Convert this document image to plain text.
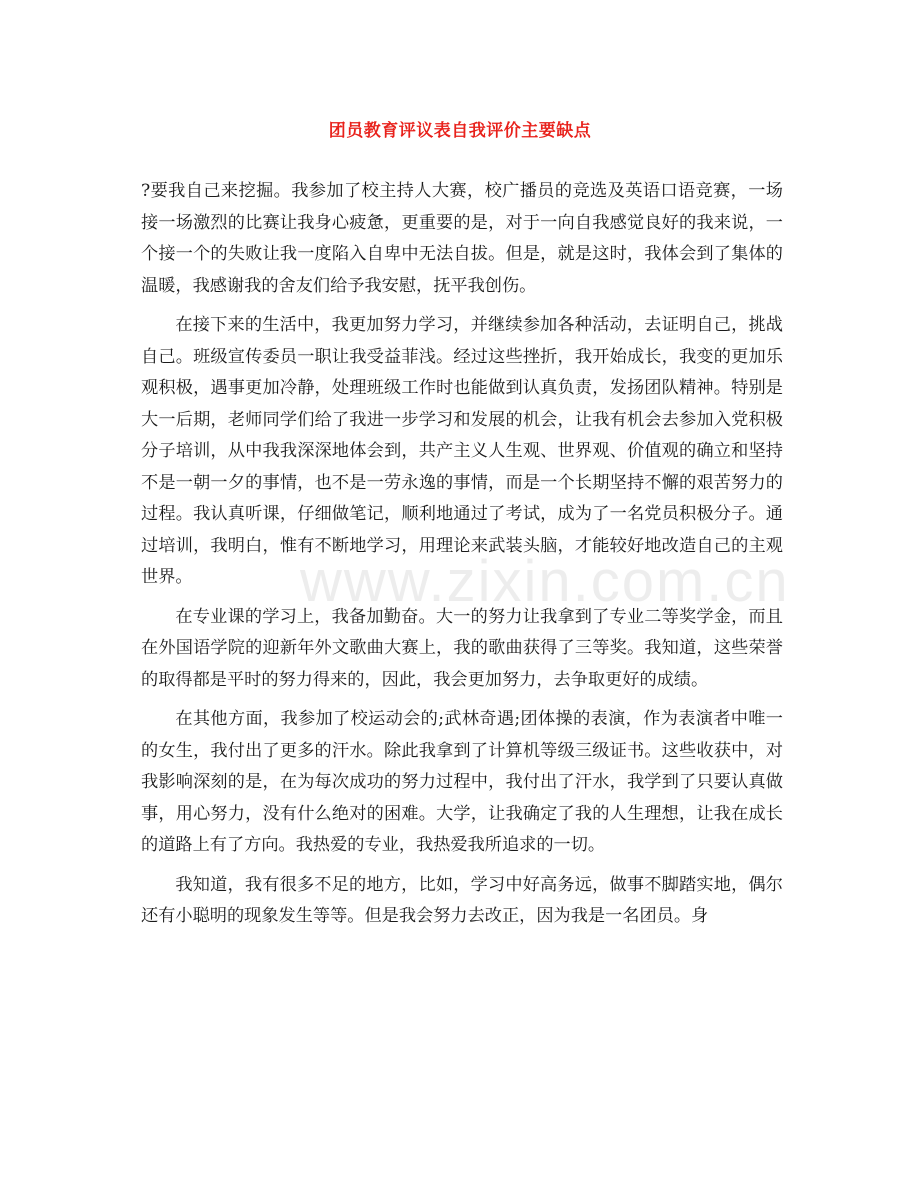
团员教育评议表自我评价主要缺点
www.zixin.com.cn

?要我自己来挖掘。我参加了校主持人大赛，校广播员的竞选及英语口语竞赛，一场接一场激烈的比赛让我身心疲惫，更重要的是，对于一向自我感觉良好的我来说，一个接一个的失败让我一度陷入自卑中无法自拔。但是，就是这时，我体会到了集体的温暖，我感谢我的舍友们给予我安慰，抚平我创伤。

在接下来的生活中，我更加努力学习，并继续参加各种活动，去证明自己，挑战自己。班级宣传委员一职让我受益菲浅。经过这些挫折，我开始成长，我变的更加乐观积极，遇事更加冷静，处理班级工作时也能做到认真负责，发扬团队精神。特别是大一后期，老师同学们给了我进一步学习和发展的机会，让我有机会去参加入党积极分子培训，从中我我深深地体会到，共产主义人生观、世界观、价值观的确立和坚持不是一朝一夕的事情，也不是一劳永逸的事情，而是一个长期坚持不懈的艰苦努力的过程。我认真听课，仔细做笔记，顺利地通过了考试，成为了一名党员积极分子。通过培训，我明白，惟有不断地学习，用理论来武装头脑，才能较好地改造自己的主观世界。

在专业课的学习上，我备加勤奋。大一的努力让我拿到了专业二等奖学金，而且在外国语学院的迎新年外文歌曲大赛上，我的歌曲获得了三等奖。我知道，这些荣誉的取得都是平时的努力得来的，因此，我会更加努力，去争取更好的成绩。

在其他方面，我参加了校运动会的;武林奇遇;团体操的表演，作为表演者中唯一的女生，我付出了更多的汗水。除此我拿到了计算机等级三级证书。这些收获中，对我影响深刻的是，在为每次成功的努力过程中，我付出了汗水，我学到了只要认真做事，用心努力，没有什么绝对的困难。大学，让我确定了我的人生理想，让我在成长的道路上有了方向。我热爱的专业，我热爱我所追求的一切。

我知道，我有很多不足的地方，比如，学习中好高务远，做事不脚踏实地，偶尔还有小聪明的现象发生等等。但是我会努力去改正，因为我是一名团员。身
